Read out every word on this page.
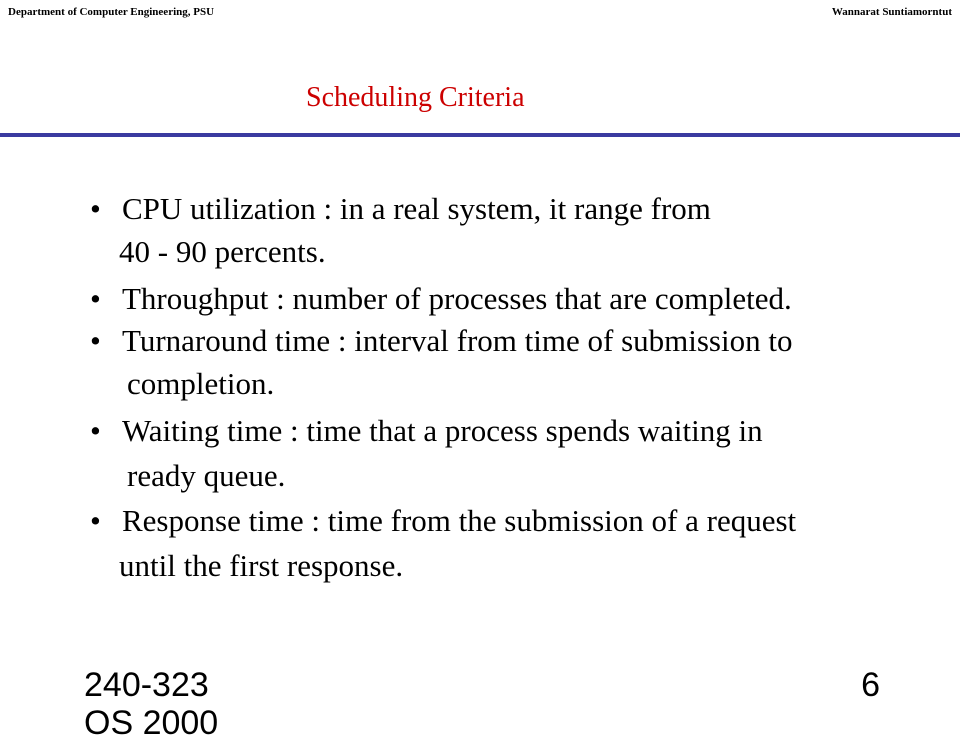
Department of Computer Engineering, PSU	Wannarat Suntiamorntut
Scheduling Criteria
• CPU utilization : in a real system, it range from
40 - 90 percents.
• Throughput : number of processes that are completed.
• Turnaround time : interval from time of submission to
completion.
• Waiting time : time that a process spends waiting in
ready queue.
• Response time : time from the submission of a request
until the first response.
240-323
OS 2000
6
